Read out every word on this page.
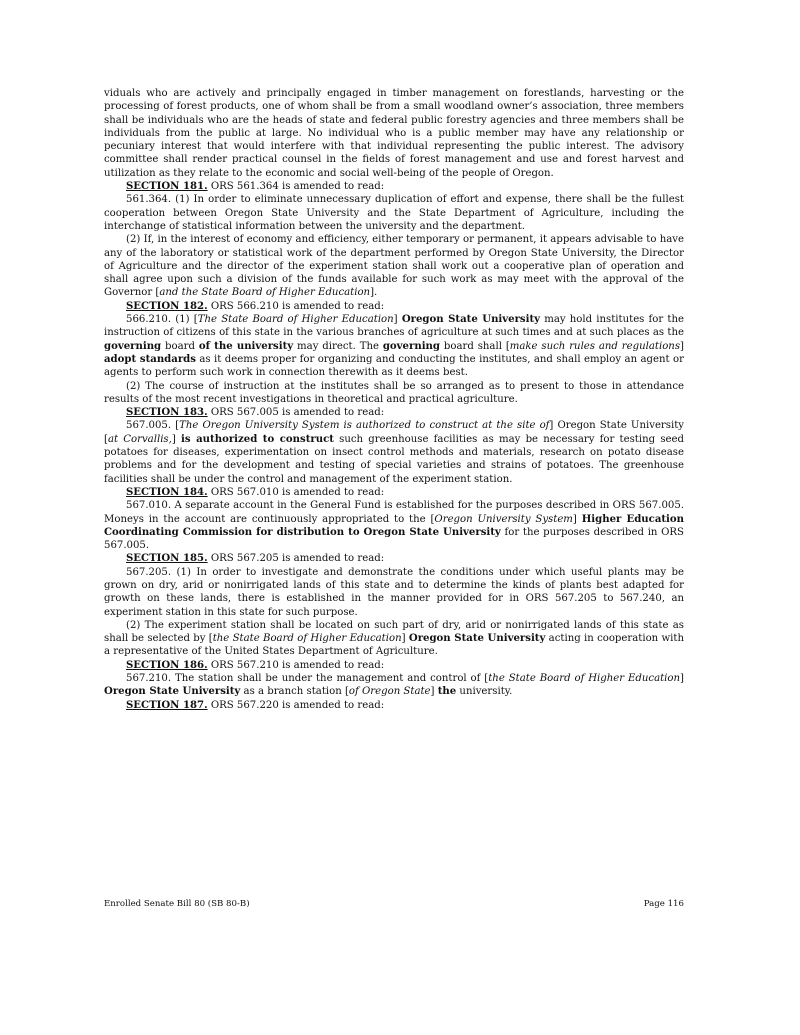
viduals who are actively and principally engaged in timber management on forestlands, harvesting or the processing of forest products, one of whom shall be from a small woodland owner’s association, three members shall be individuals who are the heads of state and federal public forestry agencies and three members shall be individuals from the public at large. No individual who is a public member may have any relationship or pecuniary interest that would interfere with that individual representing the public interest. The advisory committee shall render practical counsel in the fields of forest management and use and forest harvest and utilization as they relate to the economic and social well-being of the people of Oregon.

SECTION 181. ORS 561.364 is amended to read:

561.364. (1) In order to eliminate unnecessary duplication of effort and expense, there shall be the fullest cooperation between Oregon State University and the State Department of Agriculture, including the interchange of statistical information between the university and the department.

(2) If, in the interest of economy and efficiency, either temporary or permanent, it appears advisable to have any of the laboratory or statistical work of the department performed by Oregon State University, the Director of Agriculture and the director of the experiment station shall work out a cooperative plan of operation and shall agree upon such a division of the funds available for such work as may meet with the approval of the Governor [and the State Board of Higher Education].

SECTION 182. ORS 566.210 is amended to read:

566.210. (1) [The State Board of Higher Education] Oregon State University may hold institutes for the instruction of citizens of this state in the various branches of agriculture at such times and at such places as the governing board of the university may direct. The governing board shall [make such rules and regulations] adopt standards as it deems proper for organizing and conducting the institutes, and shall employ an agent or agents to perform such work in connection therewith as it deems best.

(2) The course of instruction at the institutes shall be so arranged as to present to those in attendance results of the most recent investigations in theoretical and practical agriculture.

SECTION 183. ORS 567.005 is amended to read:

567.005. [The Oregon University System is authorized to construct at the site of] Oregon State University [at Corvallis,] is authorized to construct such greenhouse facilities as may be necessary for testing seed potatoes for diseases, experimentation on insect control methods and materials, research on potato disease problems and for the development and testing of special varieties and strains of potatoes. The greenhouse facilities shall be under the control and management of the experiment station.

SECTION 184. ORS 567.010 is amended to read:

567.010. A separate account in the General Fund is established for the purposes described in ORS 567.005. Moneys in the account are continuously appropriated to the [Oregon University System] Higher Education Coordinating Commission for distribution to Oregon State University for the purposes described in ORS 567.005.

SECTION 185. ORS 567.205 is amended to read:

567.205. (1) In order to investigate and demonstrate the conditions under which useful plants may be grown on dry, arid or nonirrigated lands of this state and to determine the kinds of plants best adapted for growth on these lands, there is established in the manner provided for in ORS 567.205 to 567.240, an experiment station in this state for such purpose.

(2) The experiment station shall be located on such part of dry, arid or nonirrigated lands of this state as shall be selected by [the State Board of Higher Education] Oregon State University acting in cooperation with a representative of the United States Department of Agriculture.

SECTION 186. ORS 567.210 is amended to read:

567.210. The station shall be under the management and control of [the State Board of Higher Education] Oregon State University as a branch station [of Oregon State] the university.

SECTION 187. ORS 567.220 is amended to read:

Enrolled Senate Bill 80 (SB 80-B)	Page 116
